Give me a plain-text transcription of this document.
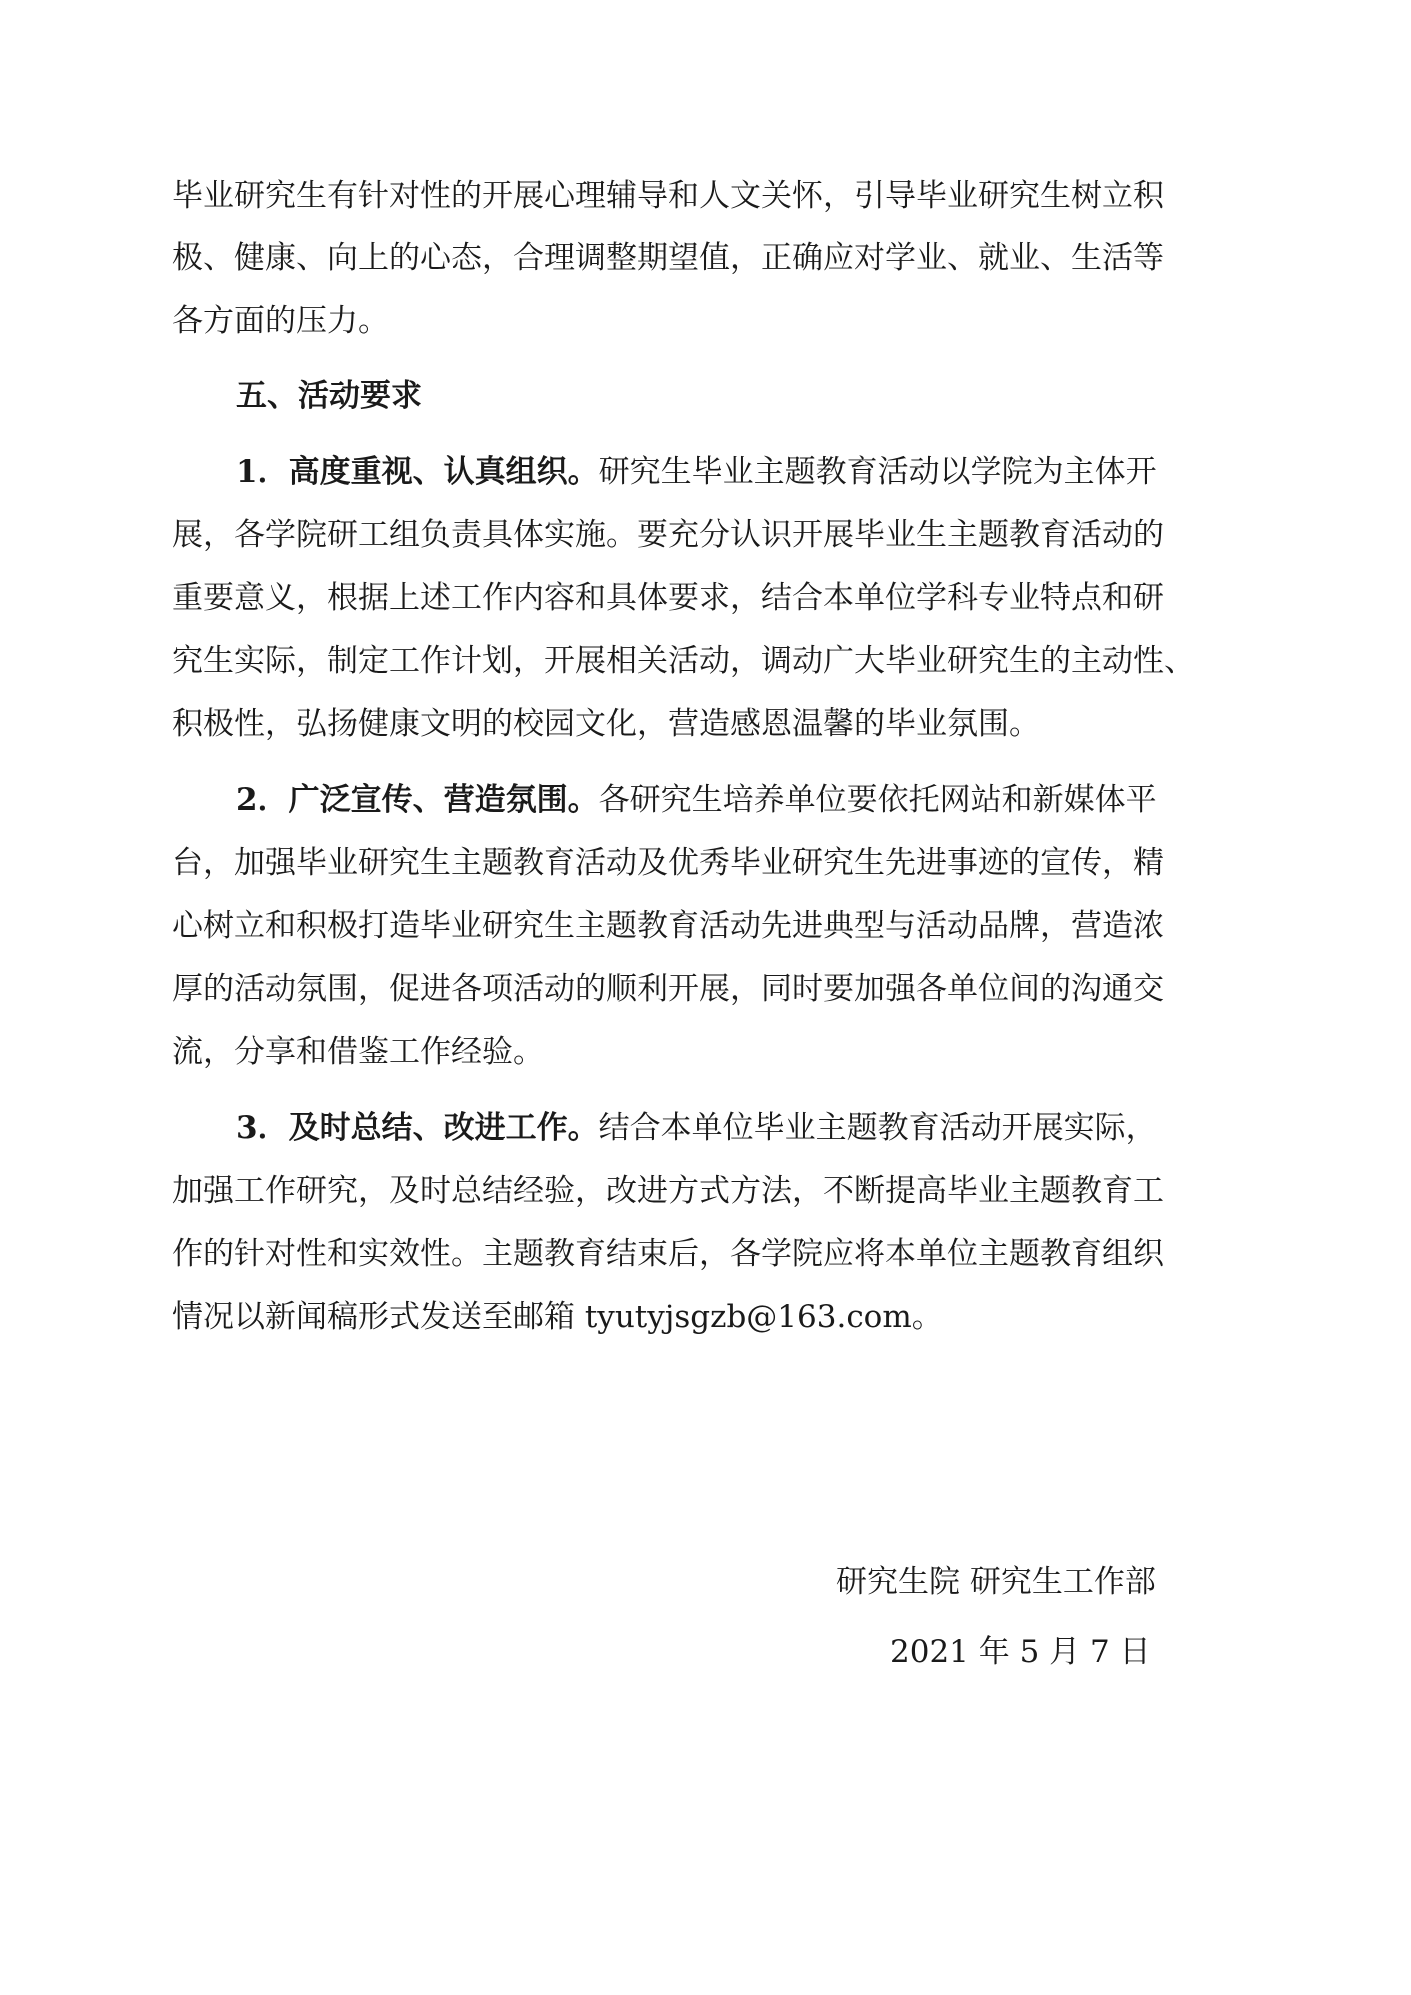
毕业研究生有针对性的开展心理辅导和人文关怀，引导毕业研究生树立积
极、健康、向上的心态，合理调整期望值，正确应对学业、就业、生活等
各方面的压力。
五、活动要求
1．高度重视、认真组织。研究生毕业主题教育活动以学院为主体开
展，各学院研工组负责具体实施。要充分认识开展毕业生主题教育活动的
重要意义，根据上述工作内容和具体要求，结合本单位学科专业特点和研
究生实际，制定工作计划，开展相关活动，调动广大毕业研究生的主动性、
积极性，弘扬健康文明的校园文化，营造感恩温馨的毕业氛围。
2．广泛宣传、营造氛围。各研究生培养单位要依托网站和新媒体平
台，加强毕业研究生主题教育活动及优秀毕业研究生先进事迹的宣传，精
心树立和积极打造毕业研究生主题教育活动先进典型与活动品牌，营造浓
厚的活动氛围，促进各项活动的顺利开展，同时要加强各单位间的沟通交
流，分享和借鉴工作经验。
3．及时总结、改进工作。结合本单位毕业主题教育活动开展实际，
加强工作研究，及时总结经验，改进方式方法，不断提高毕业主题教育工
作的针对性和实效性。主题教育结束后，各学院应将本单位主题教育组织
情况以新闻稿形式发送至邮箱 tyutyjsgzb@163.com。
研究生院 研究生工作部
2021 年 5 月 7 日
